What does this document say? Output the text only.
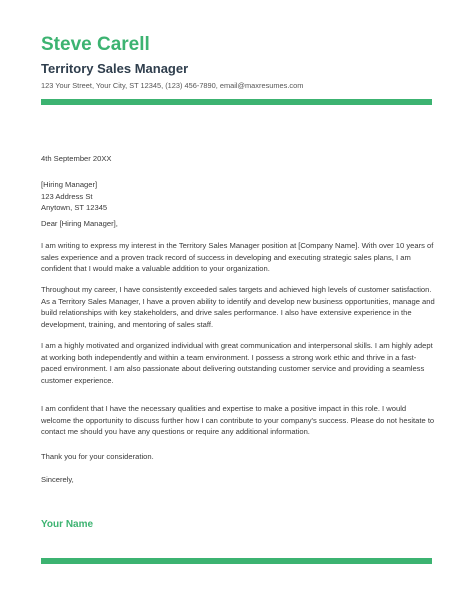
Steve Carell
Territory Sales Manager
123 Your Street, Your City, ST 12345, (123) 456-7890, email@maxresumes.com

4th September 20XX

[Hiring Manager]
123 Address St
Anytown, ST 12345

Dear [Hiring Manager],

I am writing to express my interest in the Territory Sales Manager position at [Company Name]. With over 10 years of sales experience and a proven track record of success in developing and executing strategic sales plans, I am confident that I would make a valuable addition to your organization.

Throughout my career, I have consistently exceeded sales targets and achieved high levels of customer satisfaction. As a Territory Sales Manager, I have a proven ability to identify and develop new business opportunities, manage and build relationships with key stakeholders, and drive sales performance. I also have extensive experience in the development, training, and mentoring of sales staff.

I am a highly motivated and organized individual with great communication and interpersonal skills. I am highly adept at working both independently and within a team environment. I possess a strong work ethic and thrive in a fast- paced environment. I am also passionate about delivering outstanding customer service and providing a seamless customer experience.

I am confident that I have the necessary qualities and expertise to make a positive impact in this role. I would welcome the opportunity to discuss further how I can contribute to your company's success. Please do not hesitate to contact me should you have any questions or require any additional information.

Thank you for your consideration.

Sincerely,

Your Name
